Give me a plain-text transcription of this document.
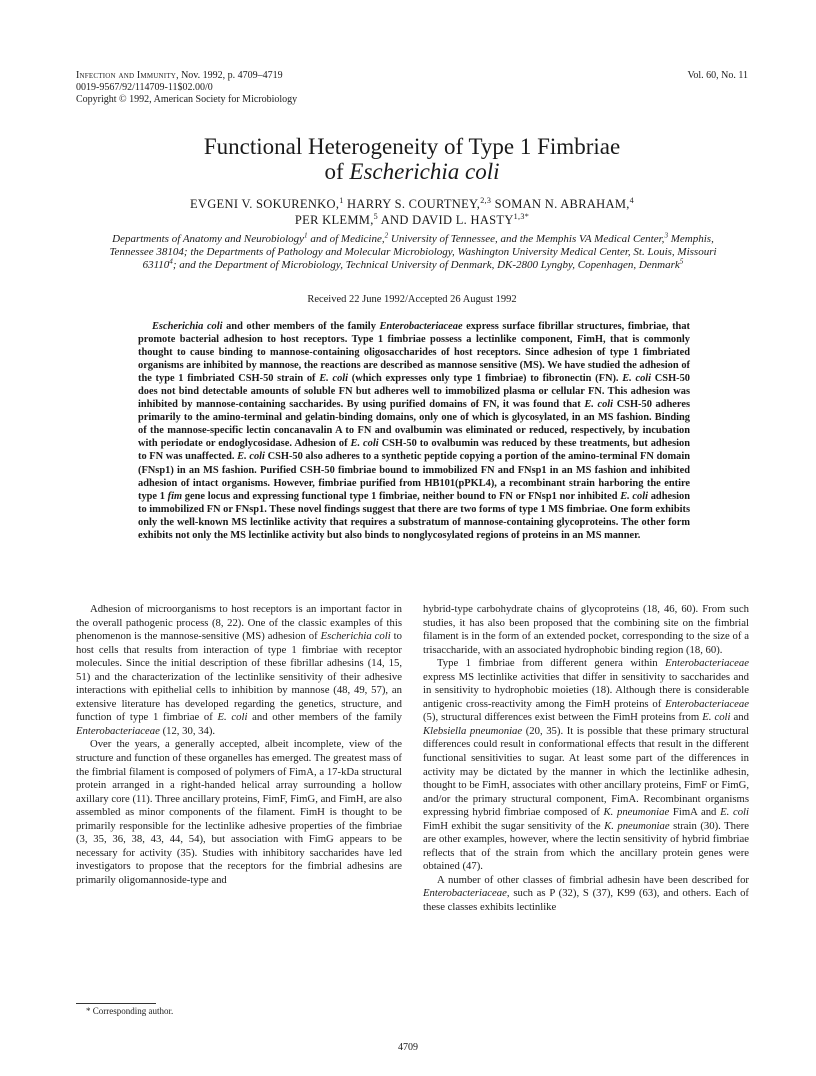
Infection and Immunity, Nov. 1992, p. 4709–4719
0019-9567/92/114709-11$02.00/0
Copyright © 1992, American Society for Microbiology
Vol. 60, No. 11
Functional Heterogeneity of Type 1 Fimbriae
of Escherichia coli
EVGENI V. SOKURENKO,$^1$ HARRY S. COURTNEY,$^{2,3}$ SOMAN N. ABRAHAM,$^4$
PER KLEMM,$^5$ AND DAVID L. $HASTY^{1,3*}$
Departments of Anatomy and Neurobiology$^1$ and of Medicine,$^2$ University of Tennessee, and the Memphis VA Medical Center,$^3$ Memphis, Tennessee 38104; the Departments of Pathology and Molecular Microbiology, Washington University Medical Center, St. Louis, Missouri 63110$^4$; and the Department of Microbiology, Technical University of Denmark, DK-2800 Lyngby, Copenhagen, Denmark$^5$
Received 22 June 1992/Accepted 26 August 1992

Escherichia coli and other members of the family Enterobacteriaceae express surface fibrillar structures, fimbriae, that promote bacterial adhesion to host receptors. Type 1 fimbriae possess a lectinlike component, FimH, that is commonly thought to cause binding to mannose-containing oligosaccharides of host receptors. Since adhesion of type 1 fimbriated organisms are inhibited by mannose, the reactions are described as mannose sensitive (MS). We have studied the adhesion of the type 1 fimbriated CSH-50 strain of E. coli (which expresses only type 1 fimbriae) to fibronectin (FN). E. coli CSH-50 does not bind detectable amounts of soluble FN but adheres well to immobilized plasma or cellular FN. This adhesion was inhibited by mannose-containing saccharides. By using purified domains of FN, it was found that E. coli CSH-50 adheres primarily to the amino-terminal and gelatin-binding domains, only one of which is glycosylated, in an MS fashion. Binding of the mannose-specific lectin concanavalin A to FN and ovalbumin was eliminated or reduced, respectively, by incubation with periodate or endoglycosidase. Adhesion of E. coli CSH-50 to ovalbumin was reduced by these treatments, but adhesion to FN was unaffected. E. coli CSH-50 also adheres to a synthetic peptide copying a portion of the amino-terminal FN domain (FNsp1) in an MS fashion. Purified CSH-50 fimbriae bound to immobilized FN and FNsp1 in an MS fashion and inhibited adhesion of intact organisms. However, fimbriae purified from HB101(pPKL4), a recombinant strain harboring the entire type 1 fim gene locus and expressing functional type 1 fimbriae, neither bound to FN or FNsp1 nor inhibited E. coli adhesion to immobilized FN or FNsp1. These novel findings suggest that there are two forms of type 1 MS fimbriae. One form exhibits only the well-known MS lectinlike activity that requires a substratum of mannose-containing glycoproteins. The other form exhibits not only the MS lectinlike activity but also binds to nonglycosylated regions of proteins in an MS manner.

Adhesion of microorganisms to host receptors is an important factor in the overall pathogenic process (8, 22). One of the classic examples of this phenomenon is the mannose-sensitive (MS) adhesion of Escherichia coli to host cells that results from interaction of type 1 fimbriae with receptor molecules. Since the initial description of these fibrillar adhesins (14, 15, 51) and the characterization of the lectinlike sensitivity of their adhesive interactions with epithelial cells to inhibition by mannose (48, 49, 57), an extensive literature has developed regarding the genetics, structure, and function of type 1 fimbriae of E. coli and other members of the family Enterobacteriaceae (12, 30, 34).

Over the years, a generally accepted, albeit incomplete, view of the structure and function of these organelles has emerged. The greatest mass of the fimbrial filament is composed of polymers of FimA, a 17-kDa structural protein arranged in a right-handed helical array surrounding a hollow axillary core (11). Three ancillary proteins, FimF, FimG, and FimH, are also assembled as minor components of the filament. FimH is thought to be primarily responsible for the lectinlike adhesive properties of the fimbriae (3, 35, 36, 38, 43, 44, 54), but association with FimG appears to be necessary for activity (35). Studies with inhibitory saccharides have led investigators to propose that the receptors for the fimbrial adhesins are primarily oligomannoside-type and

hybrid-type carbohydrate chains of glycoproteins (18, 46, 60). From such studies, it has also been proposed that the combining site on the fimbrial filament is in the form of an extended pocket, corresponding to the size of a trisaccharide, with an associated hydrophobic binding region (18, 60).

Type 1 fimbriae from different genera within Enterobacteriaceae express MS lectinlike activities that differ in sensitivity to saccharides and in sensitivity to hydrophobic moieties (18). Although there is considerable antigenic cross-reactivity among the FimH proteins of Enterobacteriaceae (5), structural differences exist between the FimH proteins from E. coli and Klebsiella pneumoniae (20, 35). It is possible that these primary structural differences could result in conformational effects that result in the different functional sensitivities to sugar. At least some part of the differences in activity may be dictated by the manner in which the lectinlike adhesin, thought to be FimH, associates with other ancillary proteins, FimF or FimG, and/or the primary structural component, FimA. Recombinant organisms expressing hybrid fimbriae composed of K. pneumoniae FimA and E. coli FimH exhibit the sugar sensitivity of the K. pneumoniae strain (30). There are other examples, however, where the lectin sensitivity of hybrid fimbriae reflects that of the strain from which the ancillary protein genes were obtained (47).

A number of other classes of fimbrial adhesin have been described for Enterobacteriaceae, such as P (32), S (37), K99 (63), and others. Each of these classes exhibits lectinlike

* Corresponding author.
4709
